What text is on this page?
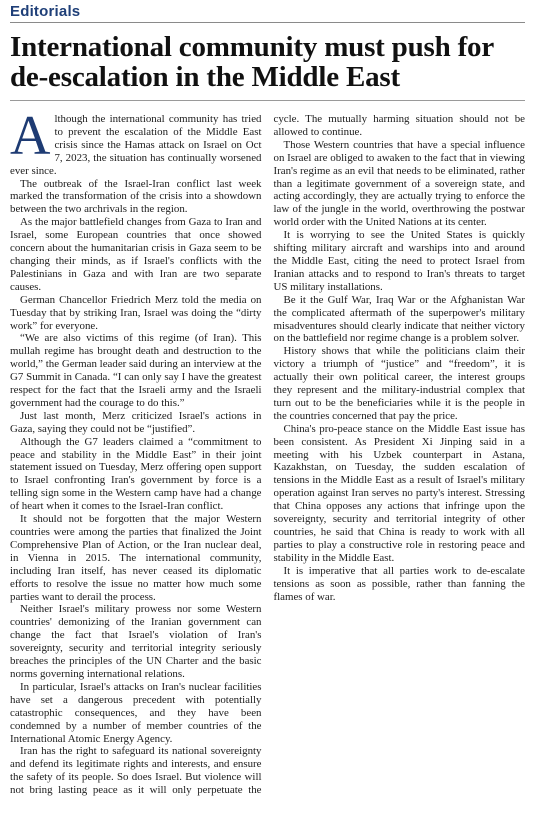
Editorials
International community must push for de-escalation in the Middle East

Although the international community has tried to prevent the escalation of the Middle East crisis since the Hamas attack on Israel on Oct 7, 2023, the situation has continually worsened ever since.

The outbreak of the Israel-Iran conflict last week marked the transformation of the crisis into a showdown between the two archrivals in the region.

As the major battlefield changes from Gaza to Iran and Israel, some European countries that once showed concern about the humanitarian crisis in Gaza seem to be changing their minds, as if Israel's conflicts with the Palestinians in Gaza and with Iran are two separate causes.

German Chancellor Friedrich Merz told the media on Tuesday that by striking Iran, Israel was doing the “dirty work” for everyone.

“We are also victims of this regime (of Iran). This mullah regime has brought death and destruction to the world,” the German leader said during an interview at the G7 Summit in Canada. “I can only say I have the greatest respect for the fact that the Israeli army and the Israeli government had the courage to do this.”

Just last month, Merz criticized Israel's actions in Gaza, saying they could not be “justified”.

Although the G7 leaders claimed a “commitment to peace and stability in the Middle East” in their joint statement issued on Tuesday, Merz offering open support to Israel confronting Iran's government by force is a telling sign some in the Western camp have had a change of heart when it comes to the Israel-Iran conflict.

It should not be forgotten that the major Western countries were among the parties that finalized the Joint Comprehensive Plan of Action, or the Iran nuclear deal, in Vienna in 2015. The international community, including Iran itself, has never ceased its diplomatic efforts to resolve the issue no matter how much some parties want to derail the process.

Neither Israel's military prowess nor some Western countries' demonizing of the Iranian government can change the fact that Israel's violation of Iran's sovereignty, security and territorial integrity seriously breaches the principles of the UN Charter and the basic norms governing international relations.

In particular, Israel's attacks on Iran's nuclear facilities have set a dangerous precedent with potentially catastrophic consequences, and they have been condemned by a number of member countries of the International Atomic Energy Agency.

Iran has the right to safeguard its national sovereignty and defend its legitimate rights and interests, and ensure the safety of its people. So does Israel. But violence will not bring lasting peace as it will only perpetuate the cycle. The mutually harming situation should not be allowed to continue.

Those Western countries that have a special influence on Israel are obliged to awaken to the fact that in viewing Iran's regime as an evil that needs to be eliminated, rather than a legitimate government of a sovereign state, and acting accordingly, they are actually trying to enforce the law of the jungle in the world, overthrowing the postwar world order with the United Nations at its center.

It is worrying to see the United States is quickly shifting military aircraft and warships into and around the Middle East, citing the need to protect Israel from Iranian attacks and to respond to Iran's threats to target US military installations.

Be it the Gulf War, Iraq War or the Afghanistan War the complicated aftermath of the superpower's military misadventures should clearly indicate that neither victory on the battlefield nor regime change is a problem solver.

History shows that while the politicians claim their victory a triumph of “justice” and “freedom”, it is actually their own political career, the interest groups they represent and the military-industrial complex that turn out to be the beneficiaries while it is the people in the countries concerned that pay the price.

China's pro-peace stance on the Middle East issue has been consistent. As President Xi Jinping said in a meeting with his Uzbek counterpart in Astana, Kazakhstan, on Tuesday, the sudden escalation of tensions in the Middle East as a result of Israel's military operation against Iran serves no party's interest. Stressing that China opposes any actions that infringe upon the sovereignty, security and territorial integrity of other countries, he said that China is ready to work with all parties to play a constructive role in restoring peace and stability in the Middle East.

It is imperative that all parties work to de-escalate tensions as soon as possible, rather than fanning the flames of war.
